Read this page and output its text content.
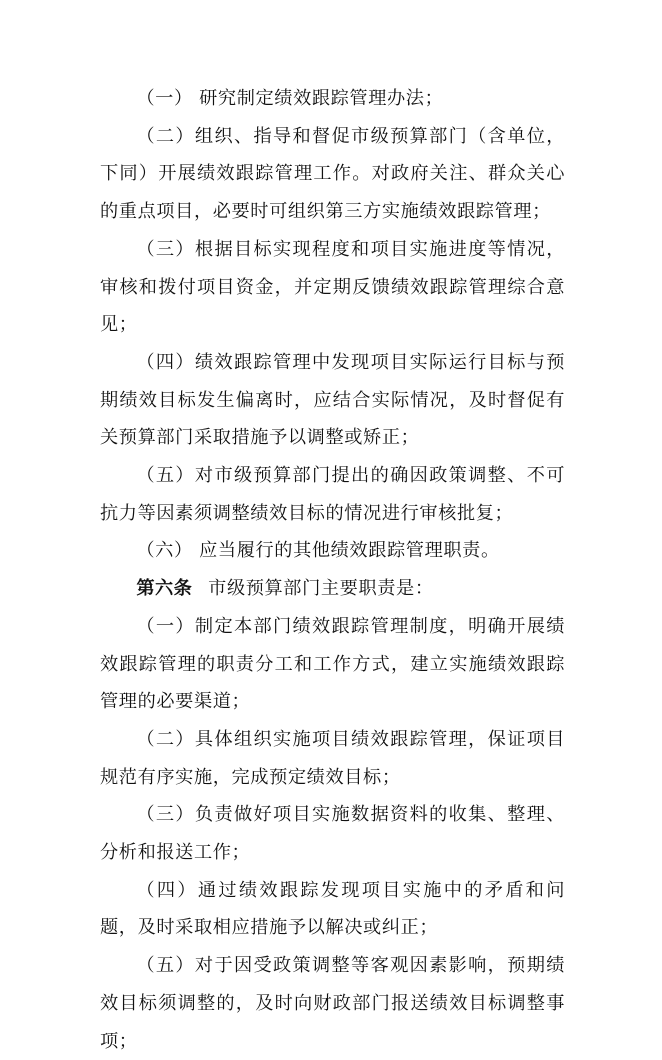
（一） 研究制定绩效跟踪管理办法；

（二）组织、指导和督促市级预算部门（含单位，下同）开展绩效跟踪管理工作。对政府关注、群众关心的重点项目，必要时可组织第三方实施绩效跟踪管理；

（三）根据目标实现程度和项目实施进度等情况，审核和拨付项目资金，并定期反馈绩效跟踪管理综合意见；

（四）绩效跟踪管理中发现项目实际运行目标与预期绩效目标发生偏离时，应结合实际情况，及时督促有关预算部门采取措施予以调整或矫正；

（五）对市级预算部门提出的确因政策调整、不可抗力等因素须调整绩效目标的情况进行审核批复；

（六） 应当履行的其他绩效跟踪管理职责。

第六条 市级预算部门主要职责是：

（一）制定本部门绩效跟踪管理制度，明确开展绩效跟踪管理的职责分工和工作方式，建立实施绩效跟踪管理的必要渠道；

（二）具体组织实施项目绩效跟踪管理，保证项目规范有序实施，完成预定绩效目标；

（三）负责做好项目实施数据资料的收集、整理、分析和报送工作；

（四）通过绩效跟踪发现项目实施中的矛盾和问题，及时采取相应措施予以解决或纠正；

（五）对于因受政策调整等客观因素影响，预期绩效目标须调整的，及时向财政部门报送绩效目标调整事项；
